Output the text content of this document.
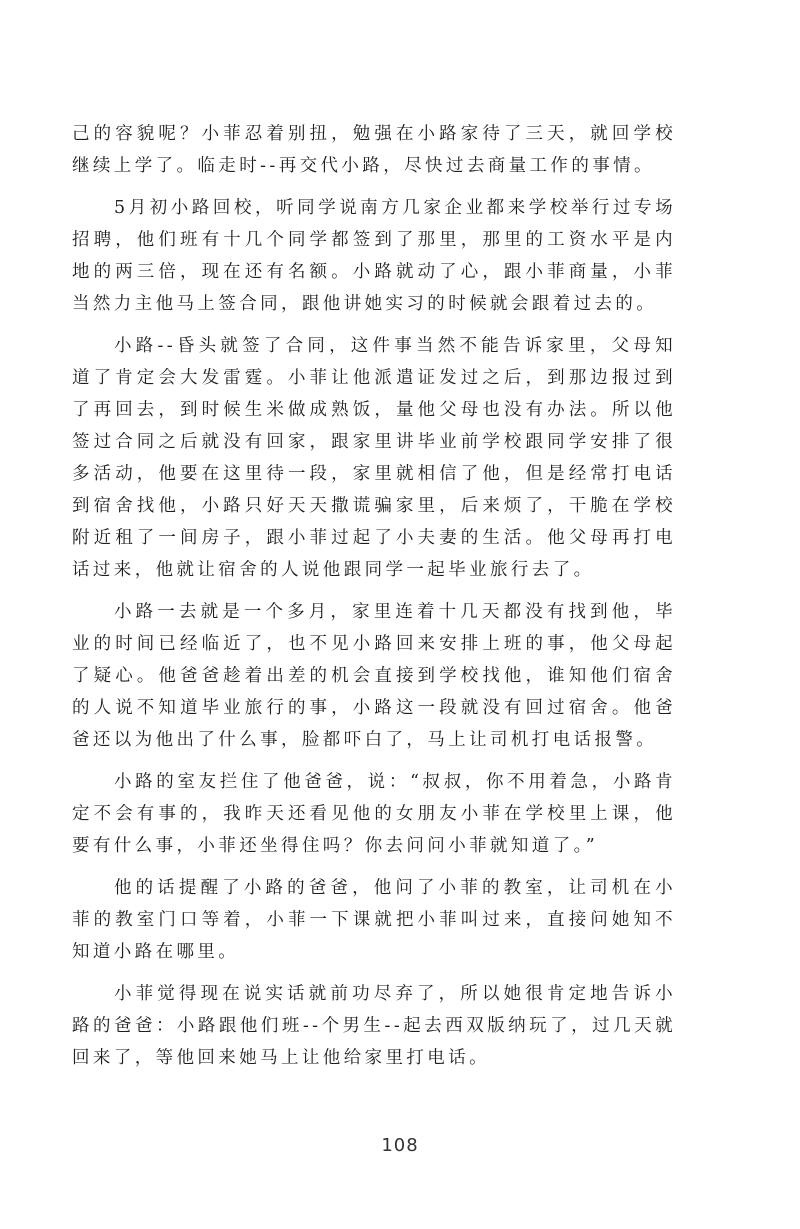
己的容貌呢？小菲忍着别扭，勉强在小路家待了三天，就回学校继续上学了。临走时--再交代小路，尽快过去商量工作的事情。

5月初小路回校，听同学说南方几家企业都来学校举行过专场招聘，他们班有十几个同学都签到了那里，那里的工资水平是内地的两三倍，现在还有名额。小路就动了心，跟小菲商量，小菲当然力主他马上签合同，跟他讲她实习的时候就会跟着过去的。

小路--昏头就签了合同，这件事当然不能告诉家里，父母知道了肯定会大发雷霆。小菲让他派遣证发过之后，到那边报过到了再回去，到时候生米做成熟饭，量他父母也没有办法。所以他签过合同之后就没有回家，跟家里讲毕业前学校跟同学安排了很多活动，他要在这里待一段，家里就相信了他，但是经常打电话到宿舍找他，小路只好天天撒谎骗家里，后来烦了，干脆在学校附近租了一间房子，跟小菲过起了小夫妻的生活。他父母再打电话过来，他就让宿舍的人说他跟同学一起毕业旅行去了。

小路一去就是一个多月，家里连着十几天都没有找到他，毕业的时间已经临近了，也不见小路回来安排上班的事，他父母起了疑心。他爸爸趁着出差的机会直接到学校找他，谁知他们宿舍的人说不知道毕业旅行的事，小路这一段就没有回过宿舍。他爸爸还以为他出了什么事，脸都吓白了，马上让司机打电话报警。

小路的室友拦住了他爸爸，说：“叔叔，你不用着急，小路肯定不会有事的，我昨天还看见他的女朋友小菲在学校里上课，他要有什么事，小菲还坐得住吗？你去问问小菲就知道了。”

他的话提醒了小路的爸爸，他问了小菲的教室，让司机在小菲的教室门口等着，小菲一下课就把小菲叫过来，直接问她知不知道小路在哪里。

小菲觉得现在说实话就前功尽弃了，所以她很肯定地告诉小路的爸爸：小路跟他们班--个男生--起去西双版纳玩了，过几天就回来了，等他回来她马上让他给家里打电话。

108
